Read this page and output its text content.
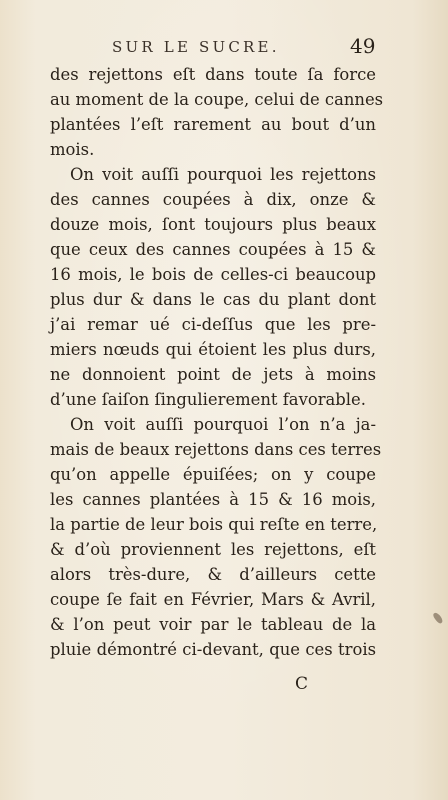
SUR LE SUCRE.	49
des rejettons eſt dans toute ſa force
au moment de la coupe, celui de cannes
plantées l’eſt rarement au bout d’un
mois.
On voit auſſi pourquoi les rejettons
des cannes coupées à dix, onze &
douze mois, ſont toujours plus beaux
que ceux des cannes coupées à 15 &
16 mois, le bois de celles-ci beaucoup
plus dur & dans le cas du plant dont
j’ai remar ué ci-deſſus que les pre-
miers nœuds qui étoient les plus durs,
ne donnoient point de jets à moins
d’une ſaiſon ſingulierement favorable.
On voit auſſi pourquoi l’on n’a ja-
mais de beaux rejettons dans ces terres
qu’on appelle épuiſées; on y coupe
les cannes plantées à 15 & 16 mois,
la partie de leur bois qui reſte en terre,
& d’où proviennent les rejettons, eſt
alors très-dure, & d’ailleurs cette
coupe ſe fait en Février, Mars & Avril,
& l’on peut voir par le tableau de la
pluie démontré ci-devant, que ces trois
C
